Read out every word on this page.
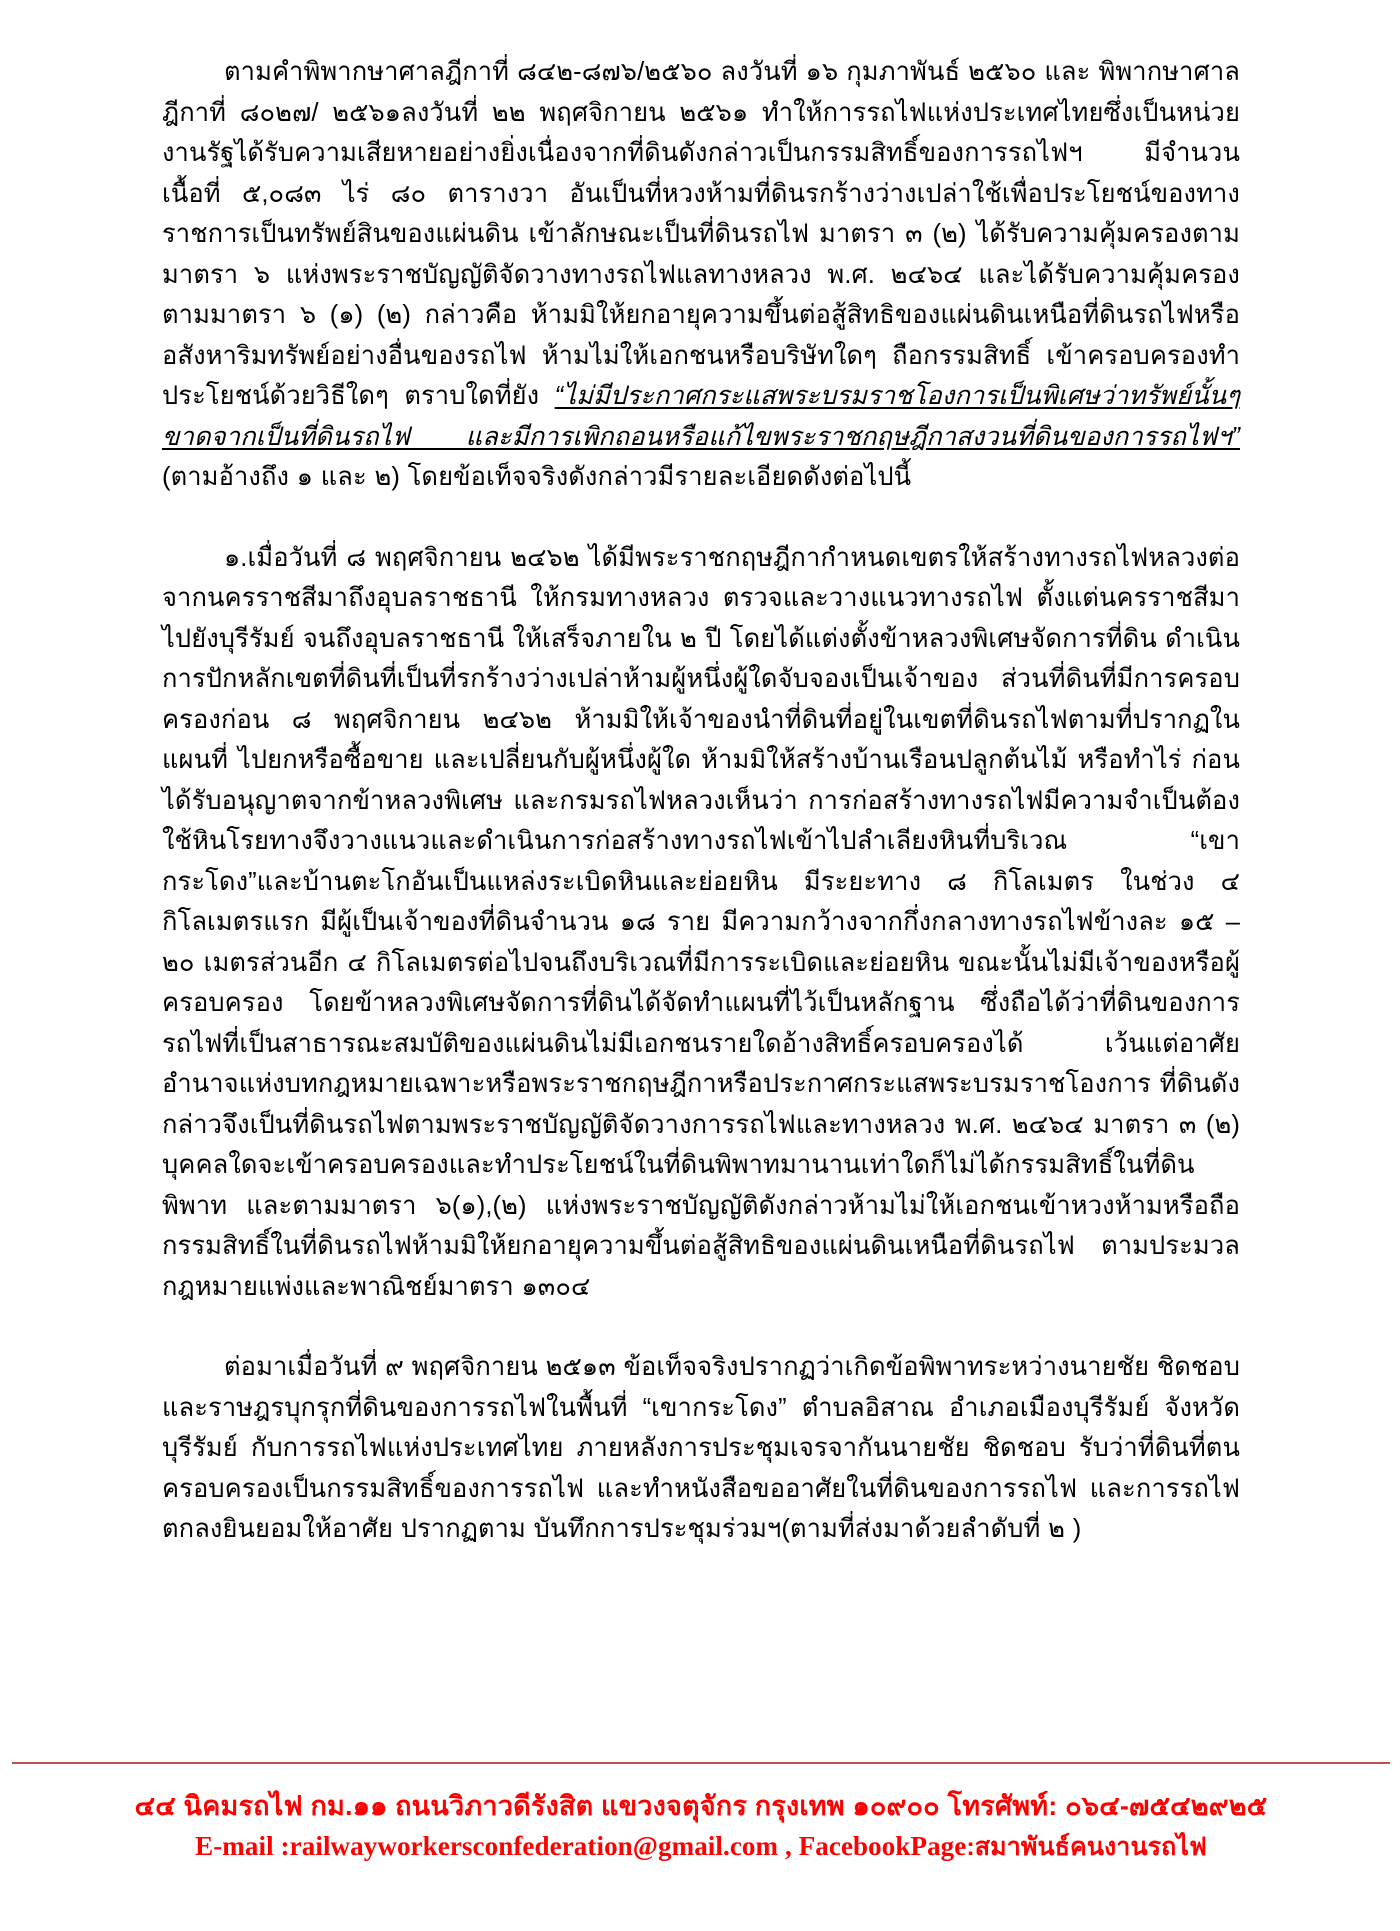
ตามคำพิพากษาศาลฎีกาที่ ๘๔๒-๘๗๖/๒๕๖๐ ลงวันที่ ๑๖ กุมภาพันธ์ ๒๕๖๐ และ พิพากษาศาลฎีกาที่ ๘๐๒๗/ ๒๕๖๑ลงวันที่ ๒๒ พฤศจิกายน ๒๕๖๑ ทำให้การรถไฟแห่งประเทศไทยซึ่งเป็นหน่วยงานรัฐได้รับความเสียหายอย่างยิ่งเนื่องจากที่ดินดังกล่าวเป็นกรรมสิทธิ์ของการรถไฟฯ มีจำนวนเนื้อที่ ๕,๐๘๓ ไร่ ๘๐ ตารางวา อันเป็นที่หวงห้ามที่ดินรกร้างว่างเปล่าใช้เพื่อประโยชน์ของทางราชการเป็นทรัพย์สินของแผ่นดิน เข้าลักษณะเป็นที่ดินรถไฟ มาตรา ๓ (๒) ได้รับความคุ้มครองตามมาตรา ๖ แห่งพระราชบัญญัติจัดวางทางรถไฟแลทางหลวง พ.ศ. ๒๔๖๔ และได้รับความคุ้มครองตามมาตรา ๖ (๑) (๒) กล่าวคือ ห้ามมิให้ยกอายุความขึ้นต่อสู้สิทธิของแผ่นดินเหนือที่ดินรถไฟหรืออสังหาริมทรัพย์อย่างอื่นของรถไฟ ห้ามไม่ให้เอกชนหรือบริษัทใดๆ ถือกรรมสิทธิ์ เข้าครอบครองทำประโยชน์ด้วยวิธีใดๆ ตราบใดที่ยัง “ไม่มีประกาศกระแสพระบรมราชโองการเป็นพิเศษว่าทรัพย์นั้นๆขาดจากเป็นที่ดินรถไฟ และมีการเพิกถอนหรือแก้ไขพระราชกฤษฎีกาสงวนที่ดินของการรถไฟฯ” (ตามอ้างถึง ๑ และ ๒) โดยข้อเท็จจริงดังกล่าวมีรายละเอียดดังต่อไปนี้

๑.เมื่อวันที่ ๘ พฤศจิกายน ๒๔๖๒ ได้มีพระราชกฤษฎีกากำหนดเขตรให้สร้างทางรถไฟหลวงต่อจากนครราชสีมาถึงอุบลราชธานี ให้กรมทางหลวง ตรวจและวางแนวทางรถไฟ ตั้งแต่นครราชสีมา ไปยังบุรีรัมย์ จนถึงอุบลราชธานี ให้เสร็จภายใน ๒ ปี โดยได้แต่งตั้งข้าหลวงพิเศษจัดการที่ดิน ดำเนินการปักหลักเขตที่ดินที่เป็นที่รกร้างว่างเปล่าห้ามผู้หนึ่งผู้ใดจับจองเป็นเจ้าของ ส่วนที่ดินที่มีการครอบครองก่อน ๘ พฤศจิกายน ๒๔๖๒ ห้ามมิให้เจ้าของนำที่ดินที่อยู่ในเขตที่ดินรถไฟตามที่ปรากฏในแผนที่ ไปยกหรือซื้อขาย และเปลี่ยนกับผู้หนึ่งผู้ใด ห้ามมิให้สร้างบ้านเรือนปลูกต้นไม้ หรือทำไร่ ก่อนได้รับอนุญาตจากข้าหลวงพิเศษ และกรมรถไฟหลวงเห็นว่า การก่อสร้างทางรถไฟมีความจำเป็นต้องใช้หินโรยทางจึงวางแนวและดำเนินการก่อสร้างทางรถไฟเข้าไปลำเลียงหินที่บริเวณ “เขากระโดง”และบ้านตะโกอันเป็นแหล่งระเบิดหินและย่อยหิน มีระยะทาง ๘ กิโลเมตร ในช่วง ๔ กิโลเมตรแรก มีผู้เป็นเจ้าของที่ดินจำนวน ๑๘ ราย มีความกว้างจากกึ่งกลางทางรถไฟข้างละ ๑๕ – ๒๐ เมตรส่วนอีก ๔ กิโลเมตรต่อไปจนถึงบริเวณที่มีการระเบิดและย่อยหิน ขณะนั้นไม่มีเจ้าของหรือผู้ครอบครอง โดยข้าหลวงพิเศษจัดการที่ดินได้จัดทำแผนที่ไว้เป็นหลักฐาน ซึ่งถือได้ว่าที่ดินของการรถไฟที่เป็นสาธารณะสมบัติของแผ่นดินไม่มีเอกชนรายใดอ้างสิทธิ์ครอบครองได้ เว้นแต่อาศัยอำนาจแห่งบทกฎหมายเฉพาะหรือพระราชกฤษฎีกาหรือประกาศกระแสพระบรมราชโองการ ที่ดินดังกล่าวจึงเป็นที่ดินรถไฟตามพระราชบัญญัติจัดวางการรถไฟและทางหลวง พ.ศ. ๒๔๖๔ มาตรา ๓ (๒) บุคคลใดจะเข้าครอบครองและทำประโยชน์ในที่ดินพิพาทมานานเท่าใดก็ไม่ได้กรรมสิทธิ์ในที่ดินพิพาท และตามมาตรา ๖(๑),(๒) แห่งพระราชบัญญัติดังกล่าวห้ามไม่ให้เอกชนเข้าหวงห้ามหรือถือกรรมสิทธิ์ในที่ดินรถไฟห้ามมิให้ยกอายุความขึ้นต่อสู้สิทธิของแผ่นดินเหนือที่ดินรถไฟ ตามประมวลกฎหมายแพ่งและพาณิชย์มาตรา ๑๓๐๔

ต่อมาเมื่อวันที่ ๙ พฤศจิกายน ๒๕๑๓ ข้อเท็จจริงปรากฏว่าเกิดข้อพิพาทระหว่างนายชัย ชิดชอบ และราษฎรบุกรุกที่ดินของการรถไฟในพื้นที่ “เขากระโดง” ตำบลอิสาณ อำเภอเมืองบุรีรัมย์ จังหวัดบุรีรัมย์ กับการรถไฟแห่งประเทศไทย ภายหลังการประชุมเจรจากันนายชัย ชิดชอบ รับว่าที่ดินที่ตนครอบครองเป็นกรรมสิทธิ์ของการรถไฟ และทำหนังสือขออาศัยในที่ดินของการรถไฟ และการรถไฟตกลงยินยอมให้อาศัย ปรากฏตาม บันทึกการประชุมร่วมฯ(ตามที่ส่งมาด้วยลำดับที่ ๒ )

๔๔ นิคมรถไฟ กม.๑๑ ถนนวิภาวดีรังสิต แขวงจตุจักร กรุงเทพ ๑๐๙๐๐ โทรศัพท์: ๐๖๔-๗๕๔๒๙๒๕

E-mail :railwayworkersconfederation@gmail.com , FacebookPage:สมาพันธ์คนงานรถไฟ
